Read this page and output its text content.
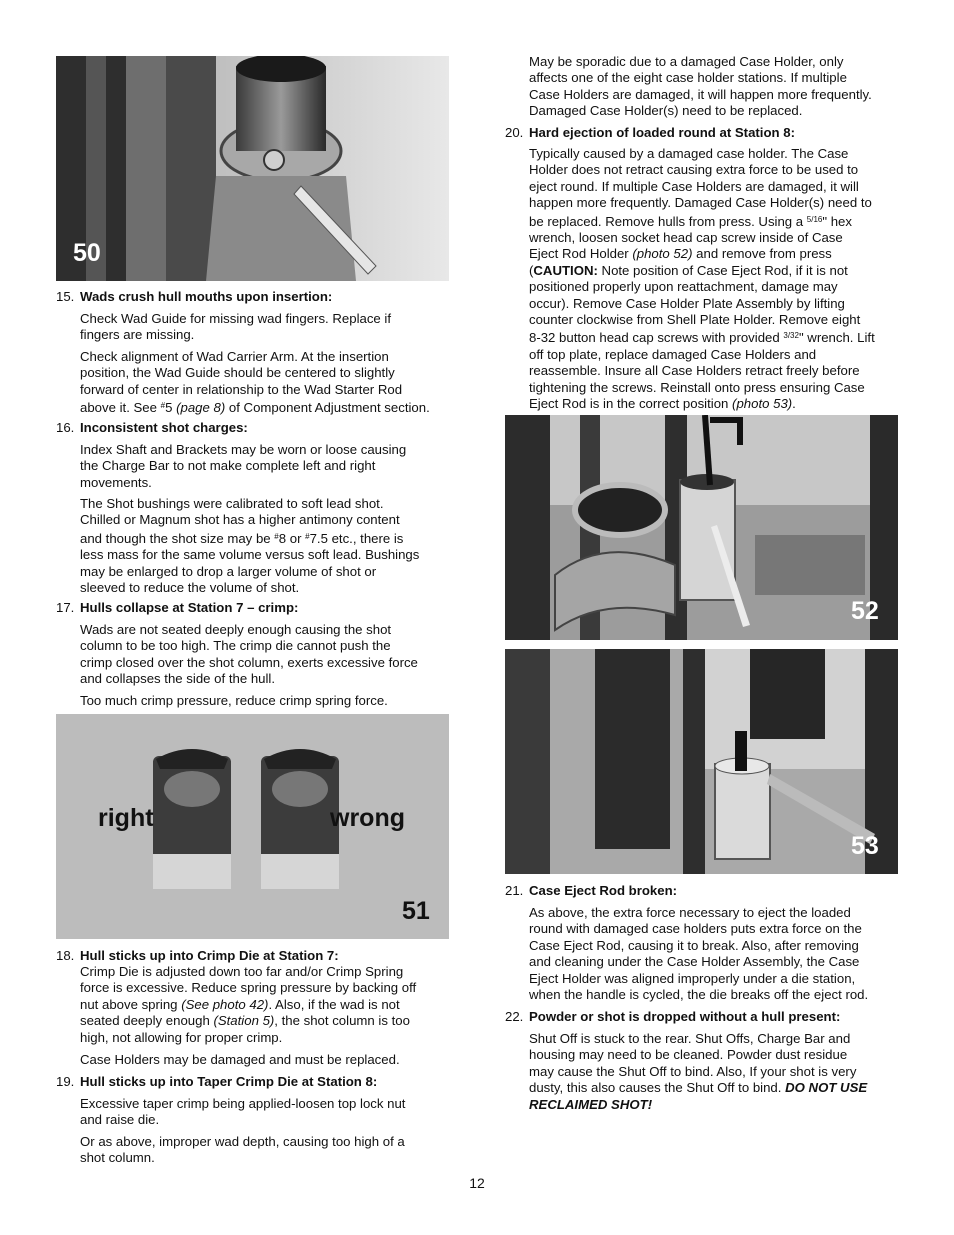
50
right	wrong
51
52
53
15. Wads crush hull mouths upon insertion:
Check Wad Guide for missing wad fingers. Replace if
fingers are missing.
Check alignment of Wad Carrier Arm. At the insertion
position, the Wad Guide should be centered to slightly
forward of center in relationship to the Wad Starter Rod
above it. See #5 (page 8) of Component Adjustment section.
16. Inconsistent shot charges:
Index Shaft and Brackets may be worn or loose causing
the Charge Bar to not make complete left and right
movements.
The Shot bushings were calibrated to soft lead shot.
Chilled or Magnum shot has a higher antimony content
and though the shot size may be #8 or #7.5 etc., there is
less mass for the same volume versus soft lead. Bushings
may be enlarged to drop a larger volume of shot or
sleeved to reduce the volume of shot.
17. Hulls collapse at Station 7 – crimp:
Wads are not seated deeply enough causing the shot
column to be too high. The crimp die cannot push the
crimp closed over the shot column, exerts excessive force
and collapses the side of the hull.
Too much crimp pressure, reduce crimp spring force.
18. Hull sticks up into Crimp Die at Station 7:
Crimp Die is adjusted down too far and/or Crimp Spring
force is excessive. Reduce spring pressure by backing off
nut above spring (See photo 42). Also, if the wad is not
seated deeply enough (Station 5), the shot column is too
high, not allowing for proper crimp.
Case Holders may be damaged and must be replaced.
19. Hull sticks up into Taper Crimp Die at Station 8:
Excessive taper crimp being applied-loosen top lock nut
and raise die.
Or as above, improper wad depth, causing too high of a
shot column.
May be sporadic due to a damaged Case Holder, only
affects one of the eight case holder stations. If multiple
Case Holders are damaged, it will happen more frequently.
Damaged Case Holder(s) need to be replaced.
20. Hard ejection of loaded round at Station 8:
Typically caused by a damaged case holder. The Case
Holder does not retract causing extra force to be used to
eject round. If multiple Case Holders are damaged, it will
happen more frequently. Damaged Case Holder(s) need to
be replaced. Remove hulls from press. Using a $^{5/16}$" hex
wrench, loosen socket head cap screw inside of Case
Eject Rod Holder (photo 52) and remove from press
(CAUTION: Note position of Case Eject Rod, if it is not
positioned properly upon reattachment, damage may
occur). Remove Case Holder Plate Assembly by lifting
counter clockwise from Shell Plate Holder. Remove eight
8-32 button head cap screws with provided $^{3/32}$" wrench. Lift
off top plate, replace damaged Case Holders and
reassemble. Insure all Case Holders retract freely before
tightening the screws. Reinstall onto press ensuring Case
Eject Rod is in the correct position (photo 53).
21. Case Eject Rod broken:
As above, the extra force necessary to eject the loaded
round with damaged case holders puts extra force on the
Case Eject Rod, causing it to break. Also, after removing
and cleaning under the Case Holder Assembly, the Case
Eject Holder was aligned improperly under a die station,
when the handle is cycled, the die breaks off the eject rod.
22. Powder or shot is dropped without a hull present:
Shut Off is stuck to the rear. Shut Offs, Charge Bar and
housing may need to be cleaned. Powder dust residue
may cause the Shut Off to bind. Also, If your shot is very
dusty, this also causes the Shut Off to bind. DO NOT USE
RECLAIMED SHOT!
12
